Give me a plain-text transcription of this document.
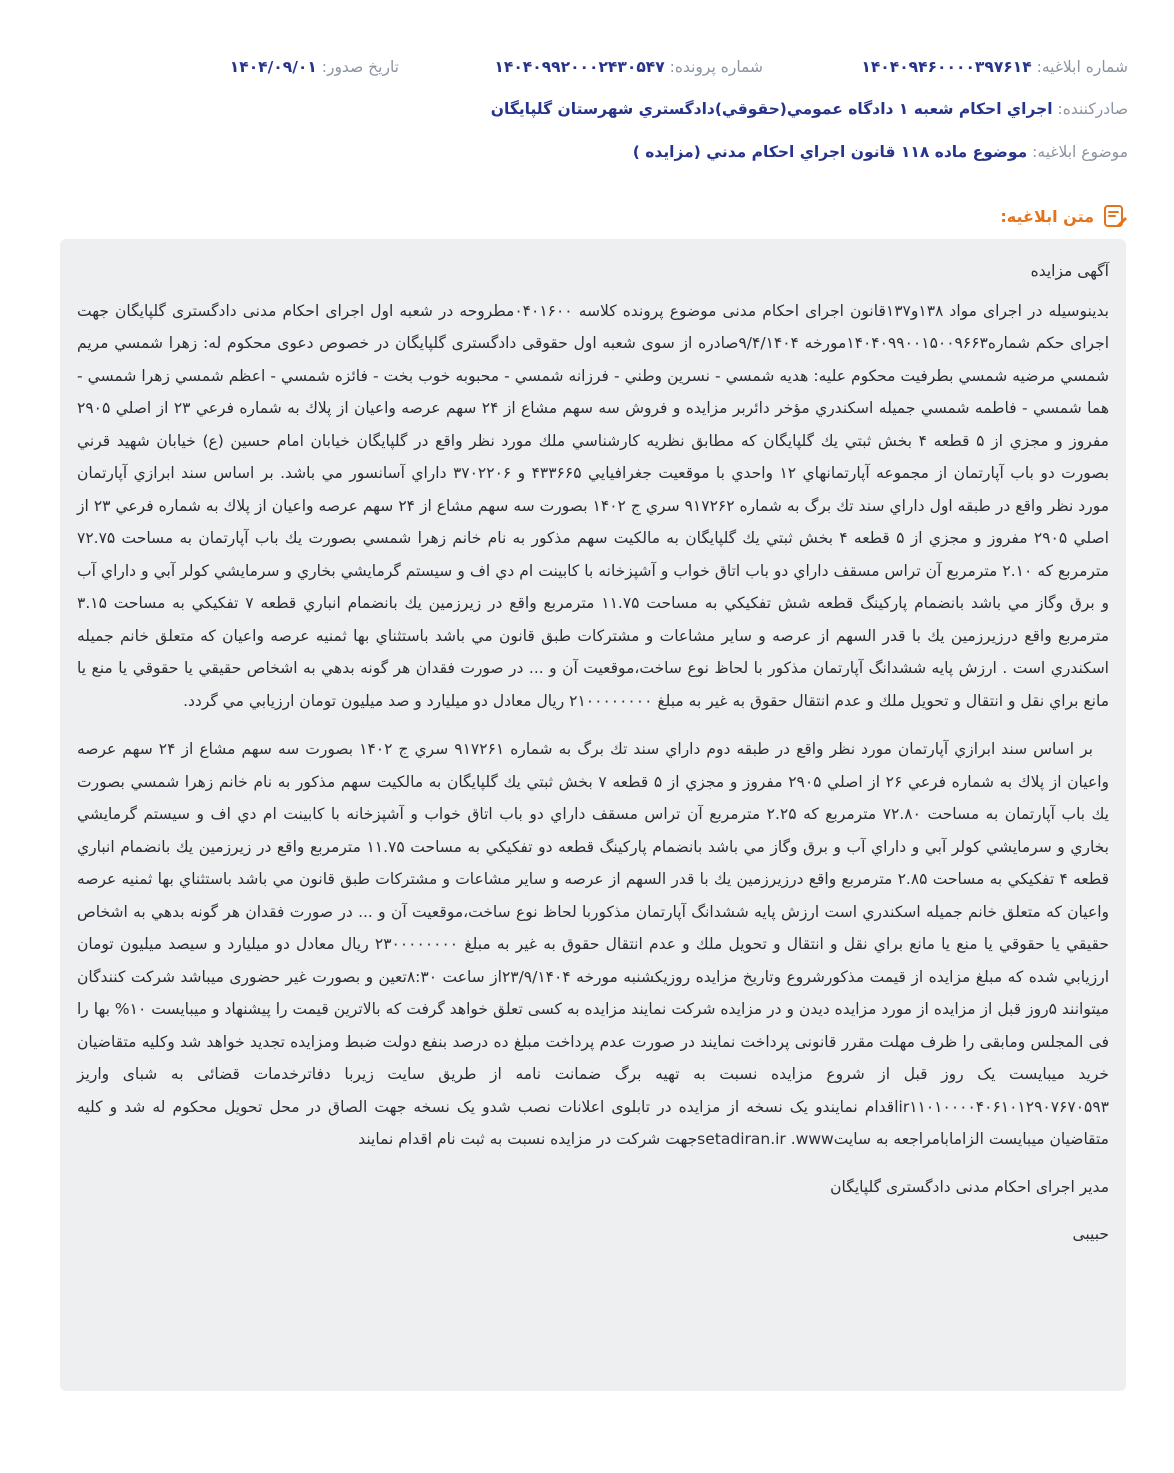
شماره ابلاغيه: ۱۴۰۴۰۹۴۶۰۰۰۰۳۹۷۶۱۴
شماره پرونده: ۱۴۰۴۰۹۹۲۰۰۰۲۴۳۰۵۴۷
تاريخ صدور: ۱۴۰۴/۰۹/۰۱
صادرکننده: اجراي احکام شعبه ۱ دادگاه عمومي(حقوقي)دادگستري شهرستان گلپايگان
موضوع ابلاغيه: موضوع ماده ۱۱۸ قانون اجراي احکام مدني (مزايده )
متن ابلاغيه:

آگهی مزایده

بدینوسیله در اجرای مواد ۱۳۸و۱۳۷قانون اجرای احکام مدنی موضوع پرونده کلاسه ۰۴۰۱۶۰۰مطروحه در شعبه اول اجرای احکام مدنی دادگستری گلپایگان جهت اجرای حکم شماره۱۴۰۴۰۹۹۰۰۱۵۰۰۹۶۶۳مورخه ۹/۴/۱۴۰۴صادره از سوی شعبه اول حقوقی دادگستری گلپایگان در خصوص دعوی محکوم له: زهرا شمسي مريم شمسي مرضيه شمسي بطرفيت محکوم عليه: هديه شمسي - نسرين وطني - فرزانه شمسي - محبوبه خوب بخت - فائزه شمسي - اعظم شمسي زهرا شمسي - هما شمسي - فاطمه شمسي جميله اسکندري مؤخر دائربر مزایده و فروش سه سهم مشاع از ۲۴ سهم عرصه واعیان از پلاك به شماره فرعي ۲۳ از اصلي ۲۹۰۵ مفروز و مجزي از ۵ قطعه ۴ بخش ثبتي يك گلپايگان كه مطابق نظريه كارشناسي ملك مورد نظر واقع در گلپايگان خيابان امام حسين (ع) خيابان شهيد قرني بصورت دو باب آپارتمان از مجموعه آپارتمانهاي ۱۲ واحدي با موقعيت جغرافيايي ۴۳۳۶۶۵ و ۳۷۰۲۲۰۶ داراي آسانسور مي باشد. بر اساس سند ابرازي آپارتمان مورد نظر واقع در طبقه اول داراي سند تك برگ به شماره ۹۱۷۲۶۲ سري ج ۱۴۰۲ بصورت سه سهم مشاع از ۲۴ سهم عرصه واعيان از پلاك به شماره فرعي ۲۳ از اصلي ۲۹۰۵ مفروز و مجزي از ۵ قطعه ۴ بخش ثبتي يك گلپايگان به مالكيت سهم مذكور به نام خانم زهرا شمسي بصورت يك باب آپارتمان به مساحت ۷۲.۷۵ مترمربع كه ۲.۱۰ مترمربع آن تراس مسقف داراي دو باب اتاق خواب و آشپزخانه با كابينت ام دي اف و سيستم گرمايشي بخاري و سرمايشي كولر آبي و داراي آب و برق وگاز مي باشد بانضمام پاركينگ قطعه شش تفكيكي به مساحت ۱۱.۷۵ مترمربع واقع در زيرزمين يك بانضمام انباري قطعه ۷ تفكيكي به مساحت ۳.۱۵ مترمربع واقع درزيرزمين يك با قدر السهم از عرصه و ساير مشاعات و مشتركات طبق قانون مي باشد باستثناي بها ثمنيه عرصه واعيان كه متعلق خانم جميله اسكندري است . ارزش پايه ششدانگ آپارتمان مذكور با لحاظ نوع ساخت،موقعيت آن و ... در صورت فقدان هر گونه بدهي به اشخاص حقيقي يا حقوقي يا منع يا مانع براي نقل و انتقال و تحويل ملك و عدم انتقال حقوق به غير به مبلغ ۲۱۰۰۰۰۰۰۰۰ ريال معادل دو ميليارد و صد ميليون تومان ارزيابي مي گردد.

بر اساس سند ابرازي آپارتمان مورد نظر واقع در طبقه دوم داراي سند تك برگ به شماره ۹۱۷۲۶۱ سري ج ۱۴۰۲ بصورت سه سهم مشاع از ۲۴ سهم عرصه واعيان از پلاك به شماره فرعي ۲۶ از اصلي ۲۹۰۵ مفروز و مجزي از ۵ قطعه ۷ بخش ثبتي يك گلپايگان به مالكيت سهم مذكور به نام خانم زهرا شمسي بصورت يك باب آپارتمان به مساحت ۷۲.۸۰ مترمربع كه ۲.۲۵ مترمربع آن تراس مسقف داراي دو باب اتاق خواب و آشپزخانه با كابينت ام دي اف و سيستم گرمايشي بخاري و سرمايشي كولر آبي و داراي آب و برق وگاز مي باشد بانضمام پاركينگ قطعه دو تفكيكي به مساحت ۱۱.۷۵ مترمربع واقع در زيرزمين يك بانضمام انباري قطعه ۴ تفكيكي به مساحت ۲.۸۵ مترمربع واقع درزيرزمين يك با قدر السهم از عرصه و ساير مشاعات و مشتركات طبق قانون مي باشد باستثناي بها ثمنيه عرصه واعيان كه متعلق خانم جميله اسكندري است ارزش پايه ششدانگ آپارتمان مذكوربا لحاظ نوع ساخت،موقعيت آن و ... در صورت فقدان هر گونه بدهي به اشخاص حقيقي يا حقوقي يا منع يا مانع براي نقل و انتقال و تحويل ملك و عدم انتقال حقوق به غير به مبلغ ۲۳۰۰۰۰۰۰۰۰ ريال معادل دو ميليارد و سيصد ميليون تومان ارزيابي شده كه مبلغ مزایده از قیمت مذکورشروع وتاریخ مزایده روزیکشنبه مورخه ۲۳/۹/۱۴۰۴از ساعت ۸:۳۰تعین و بصورت غیر حضوری میباشد شرکت کنندگان میتوانند ۵روز قبل از مزایده از مورد مزایده دیدن و در مزایده شرکت نمایند مزایده به کسی تعلق خواهد گرفت که بالاترین قیمت را پیشنهاد و میبایست ۱۰% بها را فی المجلس ومابقی را ظرف مهلت مقرر قانونی پرداخت نمایند در صورت عدم پرداخت مبلغ ده درصد بنفع دولت ضبط ومزایده تجدید خواهد شد وکلیه متقاضیان خرید میبایست یک روز قبل از شروع مزایده نسبت به تهیه برگ ضمانت نامه از طریق سایت زیربا دفاترخدمات قضائی به شبای واریز ir۱۱۰۱۰۰۰۰۴۰۶۱۰۱۲۹۰۷۶۷۰۵۹۳اقدام نمایندو یک نسخه از مزایده در تابلوی اعلانات نصب شدو یک نسخه جهت الصاق در محل تحویل محکوم له شد و کلیه متقاضیان میبایست الزامابامراجعه به سایتsetadiran.ir .wwwجهت شرکت در مزایده نسبت به ثبت نام اقدام نمایند

مدیر اجرای احکام مدنی دادگستری گلپایگان

حبیبی
